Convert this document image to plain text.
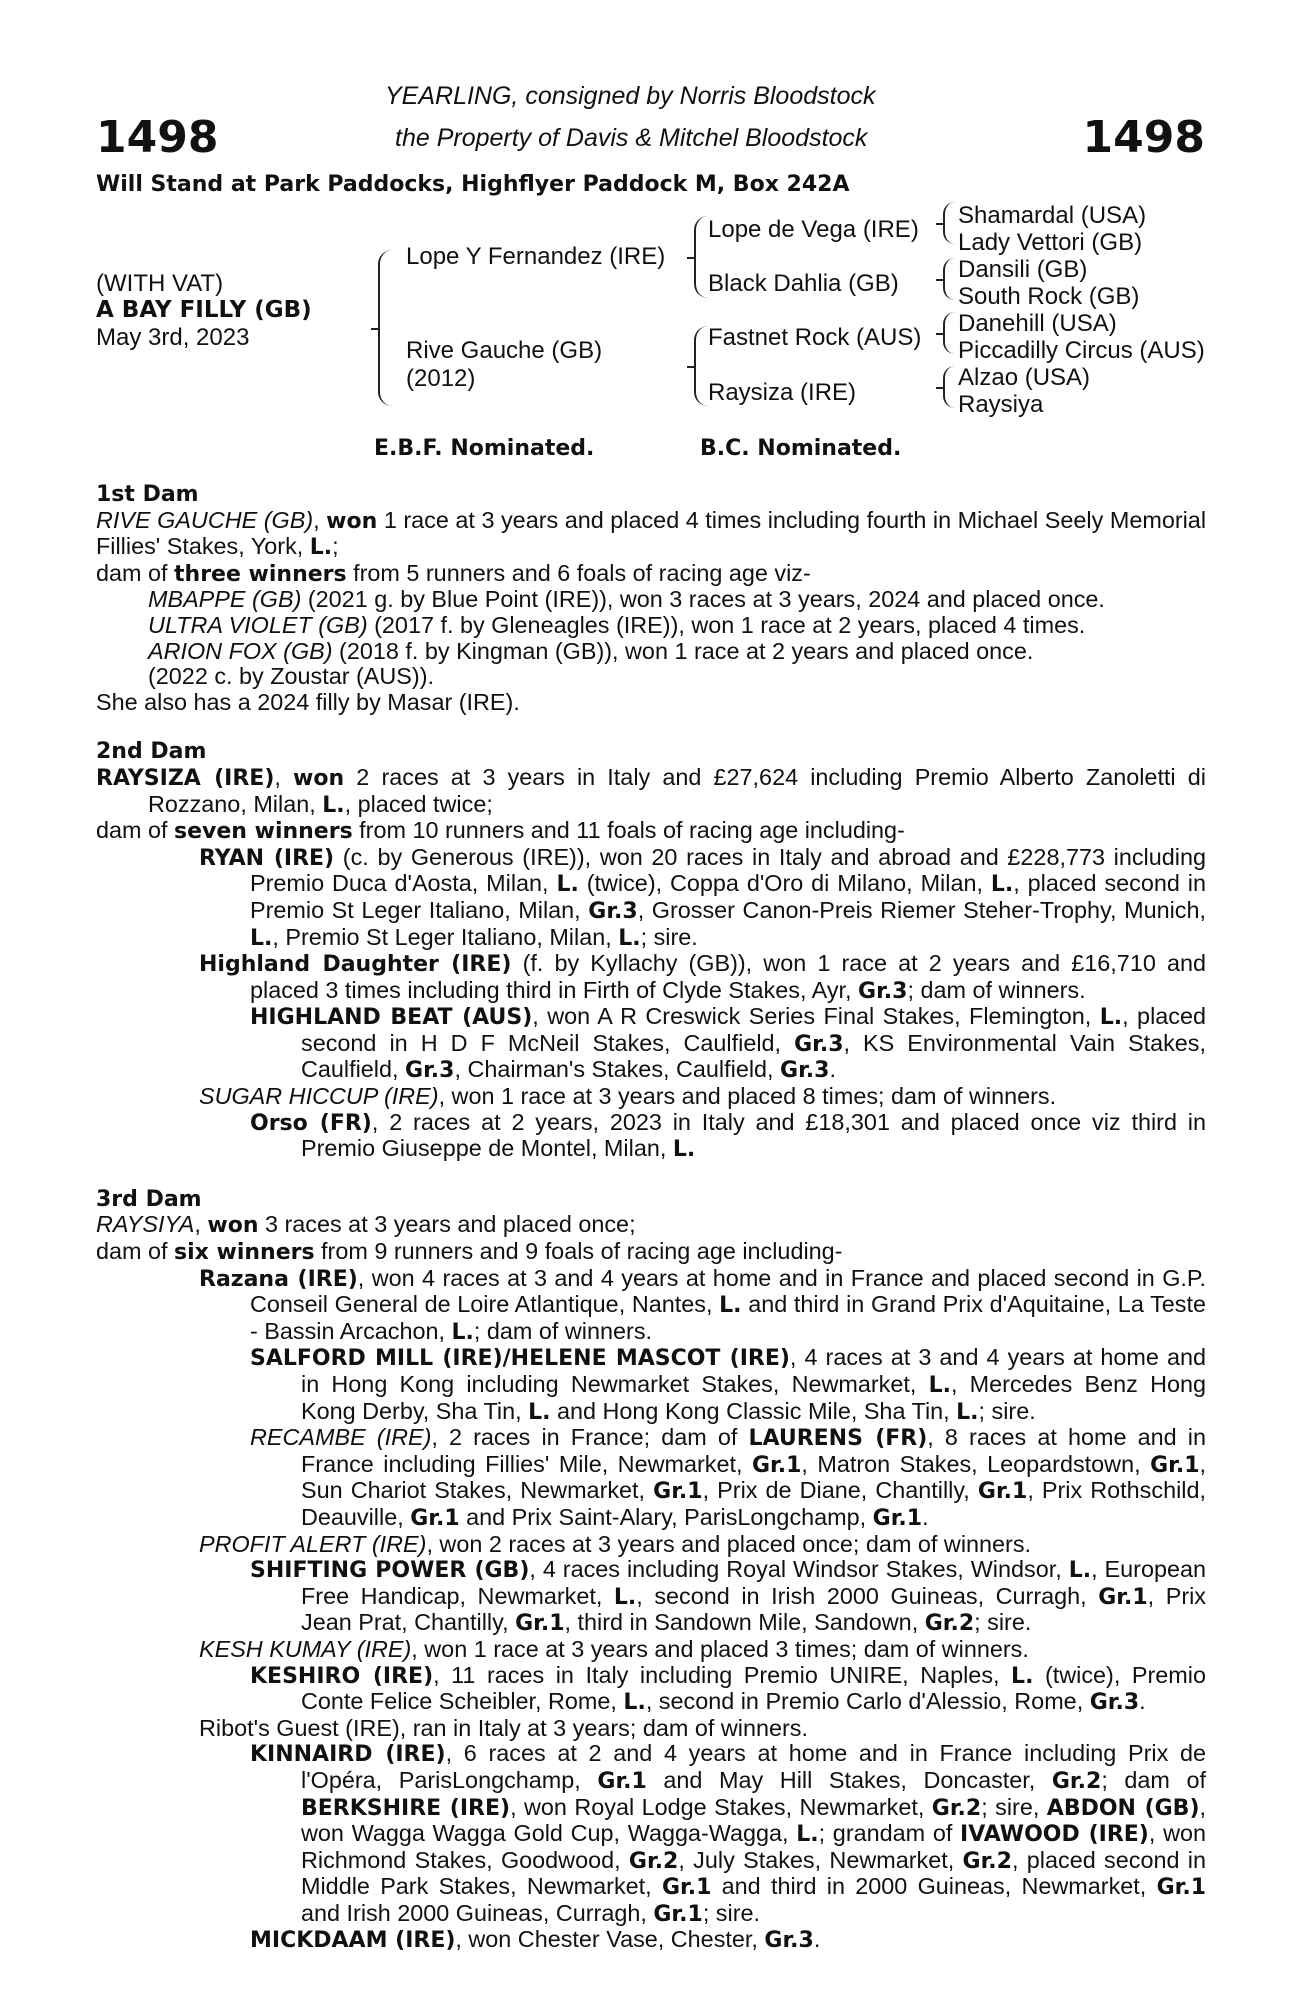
1498	1498
YEARLING, consigned by Norris Bloodstock
the Property of Davis & Mitchel Bloodstock
Will Stand at Park Paddocks, Highflyer Paddock M, Box 242A
(WITH VAT)
A BAY FILLY (GB)
May 3rd, 2023
Lope Y Fernandez (IRE)
Rive Gauche (GB)
(2012)
Lope de Vega (IRE)
Black Dahlia (GB)
Fastnet Rock (AUS)
Raysiza (IRE)
Shamardal (USA)
Lady Vettori (GB)
Dansili (GB)
South Rock (GB)
Danehill (USA)
Piccadilly Circus (AUS)
Alzao (USA)
Raysiya
E.B.F. Nominated.	B.C. Nominated.
1st Dam
RIVE GAUCHE (GB), won 1 race at 3 years and placed 4 times including fourth in Michael Seely Memorial Fillies' Stakes, York, L.;
dam of three winners from 5 runners and 6 foals of racing age viz-
MBAPPE (GB) (2021 g. by Blue Point (IRE)), won 3 races at 3 years, 2024 and placed once.
ULTRA VIOLET (GB) (2017 f. by Gleneagles (IRE)), won 1 race at 2 years, placed 4 times.
ARION FOX (GB) (2018 f. by Kingman (GB)), won 1 race at 2 years and placed once.
(2022 c. by Zoustar (AUS)).
She also has a 2024 filly by Masar (IRE).
2nd Dam
RAYSIZA (IRE), won 2 races at 3 years in Italy and £27,624 including Premio Alberto Zanoletti di Rozzano, Milan, L., placed twice;
dam of seven winners from 10 runners and 11 foals of racing age including-
RYAN (IRE) (c. by Generous (IRE)), won 20 races in Italy and abroad and £228,773 including Premio Duca d'Aosta, Milan, L. (twice), Coppa d'Oro di Milano, Milan, L., placed second in Premio St Leger Italiano, Milan, Gr.3, Grosser Canon-Preis Riemer Steher-Trophy, Munich, L., Premio St Leger Italiano, Milan, L.; sire.
Highland Daughter (IRE) (f. by Kyllachy (GB)), won 1 race at 2 years and £16,710 and placed 3 times including third in Firth of Clyde Stakes, Ayr, Gr.3; dam of winners.
HIGHLAND BEAT (AUS), won A R Creswick Series Final Stakes, Flemington, L., placed second in H D F McNeil Stakes, Caulfield, Gr.3, KS Environmental Vain Stakes, Caulfield, Gr.3, Chairman's Stakes, Caulfield, Gr.3.
SUGAR HICCUP (IRE), won 1 race at 3 years and placed 8 times; dam of winners.
Orso (FR), 2 races at 2 years, 2023 in Italy and £18,301 and placed once viz third in Premio Giuseppe de Montel, Milan, L.
3rd Dam
RAYSIYA, won 3 races at 3 years and placed once;
dam of six winners from 9 runners and 9 foals of racing age including-
Razana (IRE), won 4 races at 3 and 4 years at home and in France and placed second in G.P. Conseil General de Loire Atlantique, Nantes, L. and third in Grand Prix d'Aquitaine, La Teste - Bassin Arcachon, L.; dam of winners.
SALFORD MILL (IRE)/HELENE MASCOT (IRE), 4 races at 3 and 4 years at home and in Hong Kong including Newmarket Stakes, Newmarket, L., Mercedes Benz Hong Kong Derby, Sha Tin, L. and Hong Kong Classic Mile, Sha Tin, L.; sire.
RECAMBE (IRE), 2 races in France; dam of LAURENS (FR), 8 races at home and in France including Fillies' Mile, Newmarket, Gr.1, Matron Stakes, Leopardstown, Gr.1, Sun Chariot Stakes, Newmarket, Gr.1, Prix de Diane, Chantilly, Gr.1, Prix Rothschild, Deauville, Gr.1 and Prix Saint-Alary, ParisLongchamp, Gr.1.
PROFIT ALERT (IRE), won 2 races at 3 years and placed once; dam of winners.
SHIFTING POWER (GB), 4 races including Royal Windsor Stakes, Windsor, L., European Free Handicap, Newmarket, L., second in Irish 2000 Guineas, Curragh, Gr.1, Prix Jean Prat, Chantilly, Gr.1, third in Sandown Mile, Sandown, Gr.2; sire.
KESH KUMAY (IRE), won 1 race at 3 years and placed 3 times; dam of winners.
KESHIRO (IRE), 11 races in Italy including Premio UNIRE, Naples, L. (twice), Premio Conte Felice Scheibler, Rome, L., second in Premio Carlo d'Alessio, Rome, Gr.3.
Ribot's Guest (IRE), ran in Italy at 3 years; dam of winners.
KINNAIRD (IRE), 6 races at 2 and 4 years at home and in France including Prix de l'Opéra, ParisLongchamp, Gr.1 and May Hill Stakes, Doncaster, Gr.2; dam of BERKSHIRE (IRE), won Royal Lodge Stakes, Newmarket, Gr.2; sire, ABDON (GB), won Wagga Wagga Gold Cup, Wagga-Wagga, L.; grandam of IVAWOOD (IRE), won Richmond Stakes, Goodwood, Gr.2, July Stakes, Newmarket, Gr.2, placed second in Middle Park Stakes, Newmarket, Gr.1 and third in 2000 Guineas, Newmarket, Gr.1 and Irish 2000 Guineas, Curragh, Gr.1; sire.
MICKDAAM (IRE), won Chester Vase, Chester, Gr.3.
